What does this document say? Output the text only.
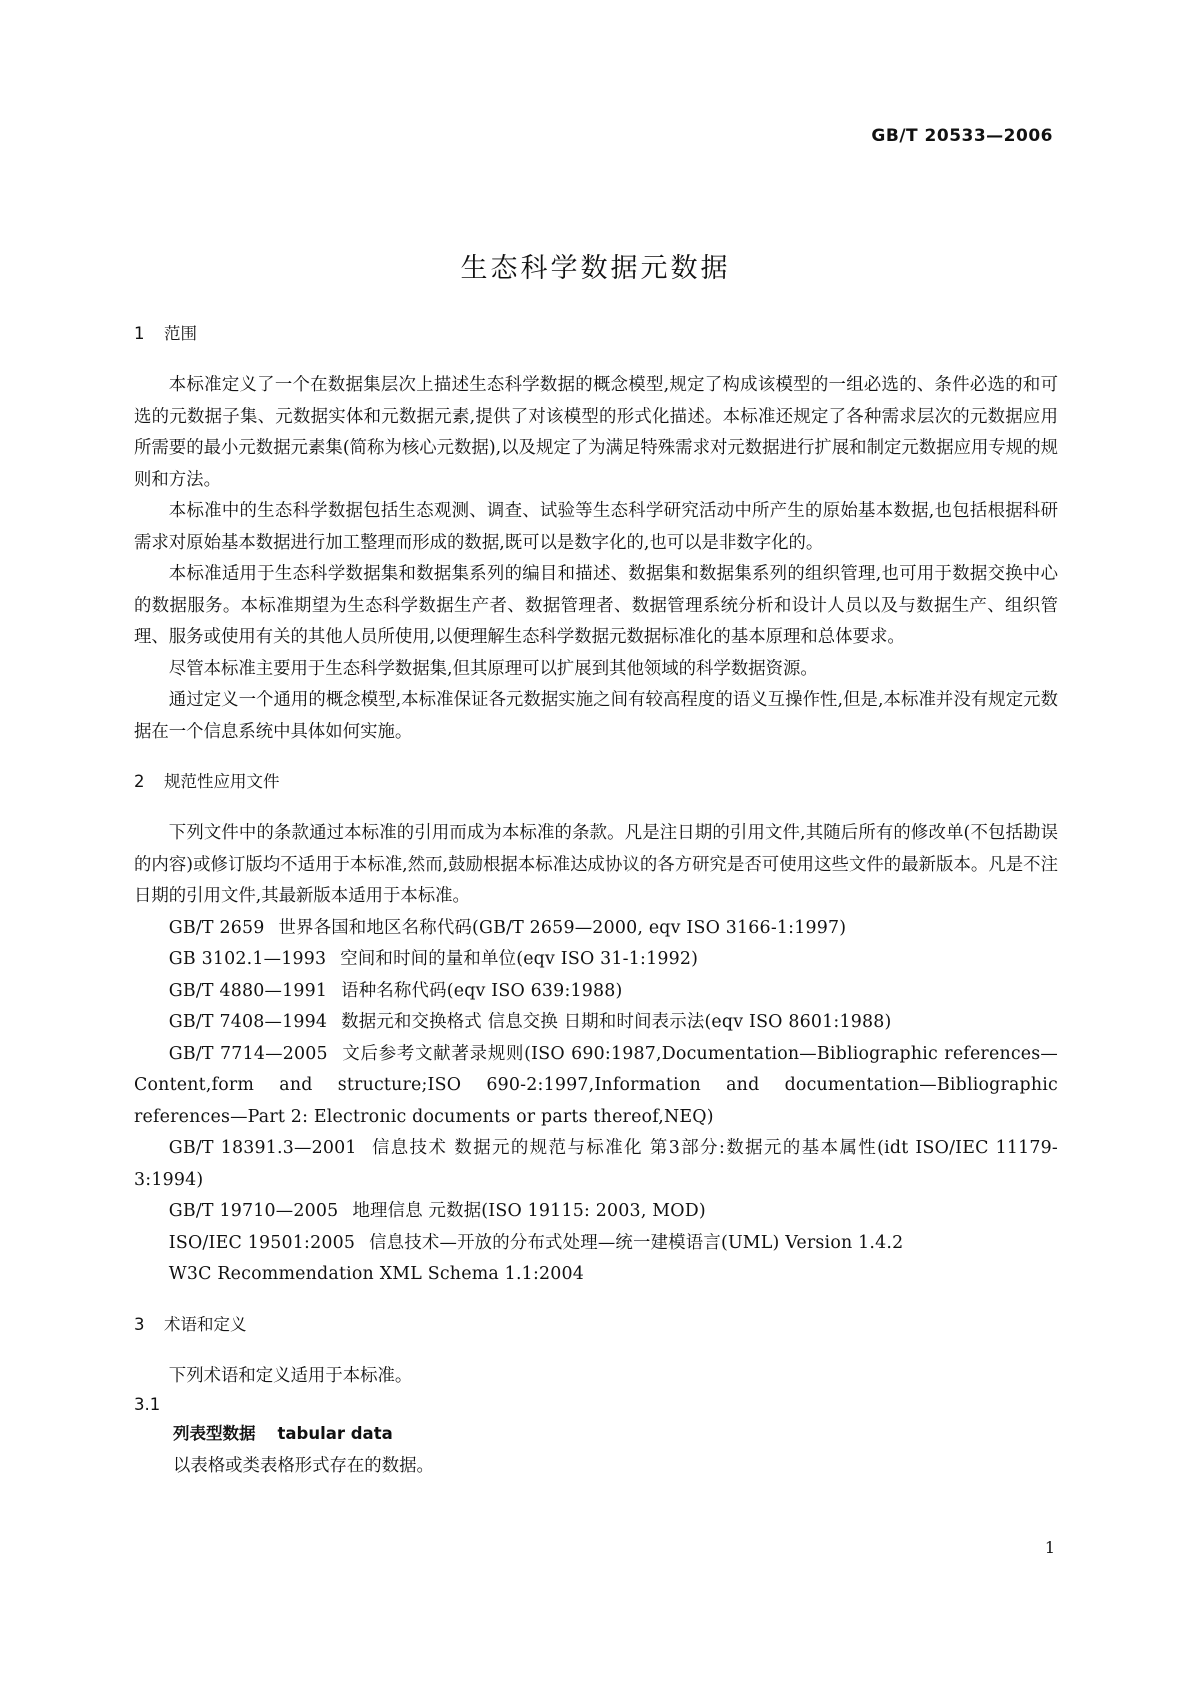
GB/T 20533—2006
生态科学数据元数据
1 范围

本标准定义了一个在数据集层次上描述生态科学数据的概念模型,规定了构成该模型的一组必选的、条件必选的和可选的元数据子集、元数据实体和元数据元素,提供了对该模型的形式化描述。本标准还规定了各种需求层次的元数据应用所需要的最小元数据元素集(简称为核心元数据),以及规定了为满足特殊需求对元数据进行扩展和制定元数据应用专规的规则和方法。

本标准中的生态科学数据包括生态观测、调查、试验等生态科学研究活动中所产生的原始基本数据,也包括根据科研需求对原始基本数据进行加工整理而形成的数据,既可以是数字化的,也可以是非数字化的。

本标准适用于生态科学数据集和数据集系列的编目和描述、数据集和数据集系列的组织管理,也可用于数据交换中心的数据服务。本标准期望为生态科学数据生产者、数据管理者、数据管理系统分析和设计人员以及与数据生产、组织管理、服务或使用有关的其他人员所使用,以便理解生态科学数据元数据标准化的基本原理和总体要求。

尽管本标准主要用于生态科学数据集,但其原理可以扩展到其他领域的科学数据资源。

通过定义一个通用的概念模型,本标准保证各元数据实施之间有较高程度的语义互操作性,但是,本标准并没有规定元数据在一个信息系统中具体如何实施。

2 规范性应用文件

下列文件中的条款通过本标准的引用而成为本标准的条款。凡是注日期的引用文件,其随后所有的修改单(不包括勘误的内容)或修订版均不适用于本标准,然而,鼓励根据本标准达成协议的各方研究是否可使用这些文件的最新版本。凡是不注日期的引用文件,其最新版本适用于本标准。

GB/T 2659 世界各国和地区名称代码(GB/T 2659—2000, eqv ISO 3166-1:1997)

GB 3102.1—1993 空间和时间的量和单位(eqv ISO 31-1:1992)

GB/T 4880—1991 语种名称代码(eqv ISO 639:1988)

GB/T 7408—1994 数据元和交换格式 信息交换 日期和时间表示法(eqv ISO 8601:1988)

GB/T 7714—2005 文后参考文献著录规则(ISO 690:1987,Documentation—Bibliographic references—Content,form and structure;ISO 690-2:1997,Information and documentation—Bibliographic references—Part 2: Electronic documents or parts thereof,NEQ)

GB/T 18391.3—2001 信息技术 数据元的规范与标准化 第3部分:数据元的基本属性(idt ISO/IEC 11179-3:1994)

GB/T 19710—2005 地理信息 元数据(ISO 19115: 2003, MOD)

ISO/IEC 19501:2005 信息技术—开放的分布式处理—统一建模语言(UML) Version 1.4.2

W3C Recommendation XML Schema 1.1:2004

3 术语和定义

下列术语和定义适用于本标准。

3.1

列表型数据 tabular data

以表格或类表格形式存在的数据。

1
